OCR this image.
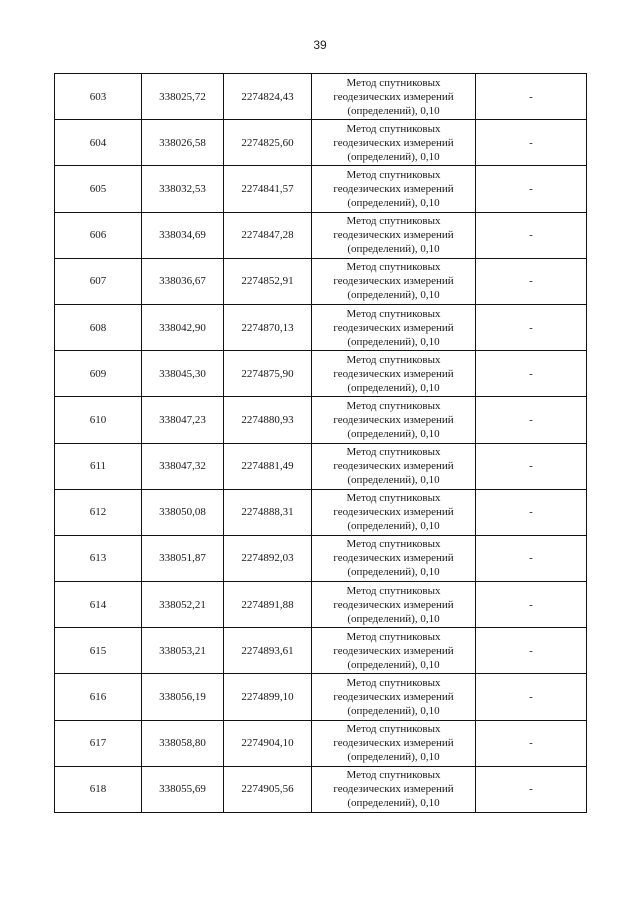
39
603	338025,72	2274824,43	Метод спутниковых
геодезических измерений
(определений), 0,10	-
604	338026,58	2274825,60	Метод спутниковых
геодезических измерений
(определений), 0,10	-
605	338032,53	2274841,57	Метод спутниковых
геодезических измерений
(определений), 0,10	-
606	338034,69	2274847,28	Метод спутниковых
геодезических измерений
(определений), 0,10	-
607	338036,67	2274852,91	Метод спутниковых
геодезических измерений
(определений), 0,10	-
608	338042,90	2274870,13	Метод спутниковых
геодезических измерений
(определений), 0,10	-
609	338045,30	2274875,90	Метод спутниковых
геодезических измерений
(определений), 0,10	-
610	338047,23	2274880,93	Метод спутниковых
геодезических измерений
(определений), 0,10	-
611	338047,32	2274881,49	Метод спутниковых
геодезических измерений
(определений), 0,10	-
612	338050,08	2274888,31	Метод спутниковых
геодезических измерений
(определений), 0,10	-
613	338051,87	2274892,03	Метод спутниковых
геодезических измерений
(определений), 0,10	-
614	338052,21	2274891,88	Метод спутниковых
геодезических измерений
(определений), 0,10	-
615	338053,21	2274893,61	Метод спутниковых
геодезических измерений
(определений), 0,10	-
616	338056,19	2274899,10	Метод спутниковых
геодезических измерений
(определений), 0,10	-
617	338058,80	2274904,10	Метод спутниковых
геодезических измерений
(определений), 0,10	-
618	338055,69	2274905,56	Метод спутниковых
геодезических измерений
(определений), 0,10	-
